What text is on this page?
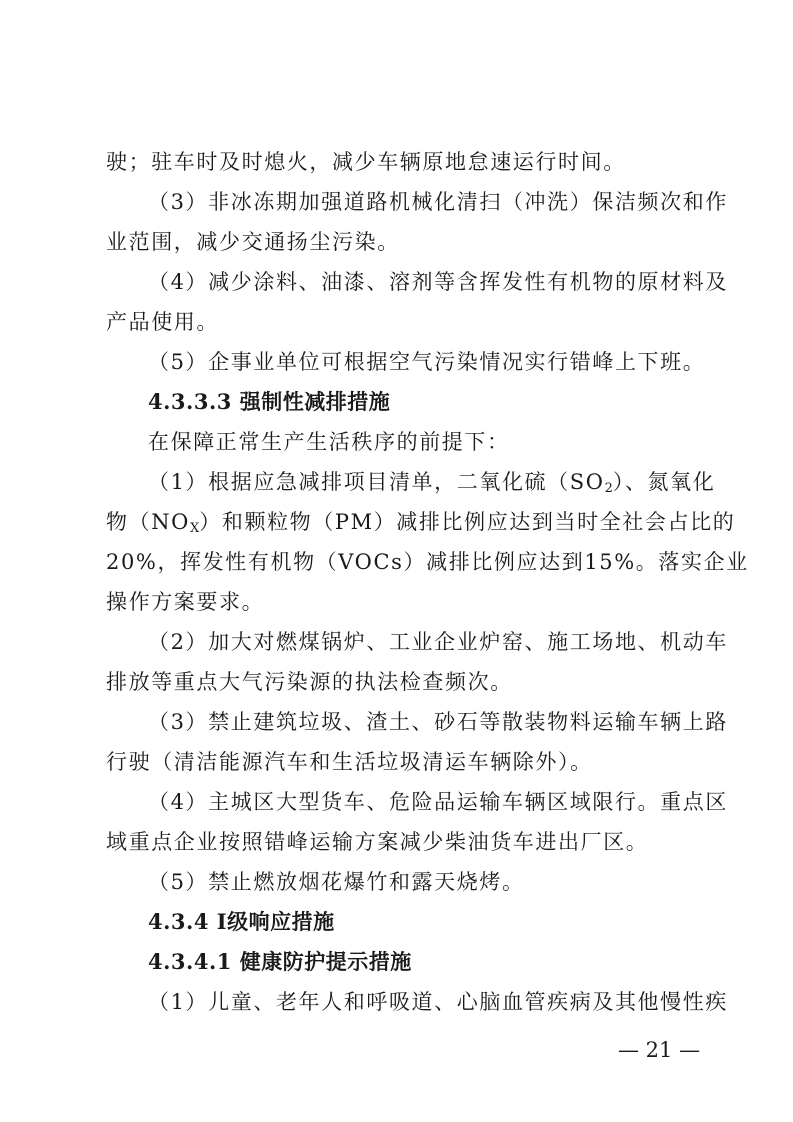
驶；驻车时及时熄火，减少车辆原地怠速运行时间。
（3）非冰冻期加强道路机械化清扫（冲洗）保洁频次和作
业范围，减少交通扬尘污染。
（4）减少涂料、油漆、溶剂等含挥发性有机物的原材料及
产品使用。
（5）企事业单位可根据空气污染情况实行错峰上下班。
4.3.3.3 强制性减排措施
在保障正常生产生活秩序的前提下：
（1）根据应急减排项目清单，二氧化硫$(SO_2)$、氮氧化
物$(NO_X)$和颗粒物（PM）减排比例应达到当时全社会占比的
20%，挥发性有机物（VOCs）减排比例应达到15%。落实企业
操作方案要求。
（2）加大对燃煤锅炉、工业企业炉窑、施工场地、机动车
排放等重点大气污染源的执法检查频次。
（3）禁止建筑垃圾、渣土、砂石等散装物料运输车辆上路
行驶（清洁能源汽车和生活垃圾清运车辆除外）。
（4）主城区大型货车、危险品运输车辆区域限行。重点区
域重点企业按照错峰运输方案减少柴油货车进出厂区。
（5）禁止燃放烟花爆竹和露天烧烤。
4.3.4 I级响应措施
4.3.4.1 健康防护提示措施
（1）儿童、老年人和呼吸道、心脑血管疾病及其他慢性疾
— 21 —
